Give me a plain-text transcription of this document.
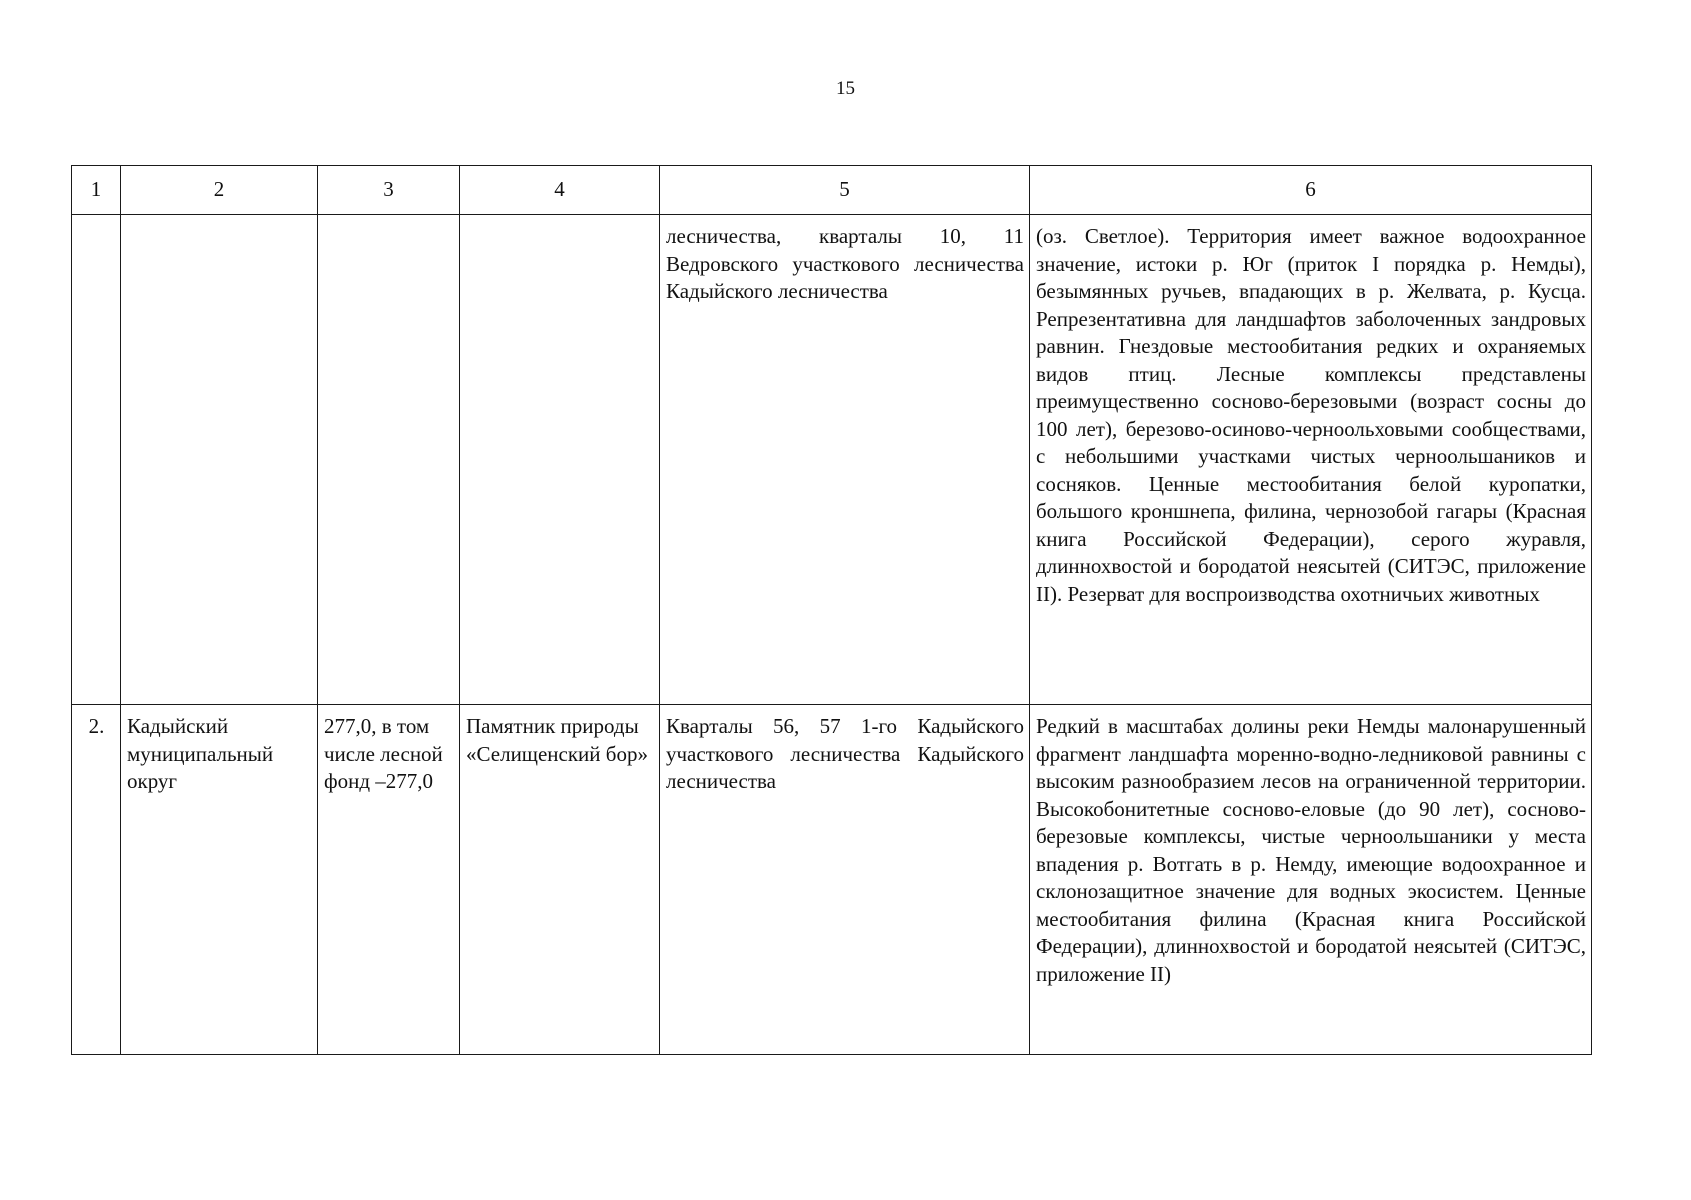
15
1	2	3	4	5	6
				лесничества, кварталы 10, 11 Ведровского участкового лесничества Кадыйского лесничества	(оз. Светлое). Территория имеет важное водоохранное значение, истоки р. Юг (приток I порядка р. Немды), безымянных ручьев, впадающих в р. Желвата, р. Кусца. Репрезентативна для ландшафтов заболоченных зандровых равнин. Гнездовые местообитания редких и охраняемых видов птиц. Лесные комплексы представлены преимущественно сосново-березовыми (возраст сосны до 100 лет), березово-осиново-черноольховыми сообществами, с небольшими участками чистых черноольшаников и сосняков. Ценные местообитания белой куропатки, большого кроншнепа, филина, чернозобой гагары (Красная книга Российской Федерации), серого журавля, длиннохвостой и бородатой неясытей (СИТЭС, приложение II). Резерват для воспроизводства охотничьих животных
2.	Кадыйский муниципальный округ	277,0, в том числе лесной фонд –277,0	Памятник природы «Селищенский бор»	Кварталы 56, 57 1-го Кадыйского участкового лесничества Кадыйского лесничества	Редкий в масштабах долины реки Немды малонарушенный фрагмент ландшафта моренно-водно-ледниковой равнины с высоким разнообразием лесов на ограниченной территории. Высокобонитетные сосново-еловые (до 90 лет), сосново-березовые комплексы, чистые черноольшаники у места впадения р. Вотгать в р. Немду, имеющие водоохранное и склонозащитное значение для водных экосистем. Ценные местообитания филина (Красная книга Российской Федерации), длиннохвостой и бородатой неясытей (СИТЭС, приложение II)
